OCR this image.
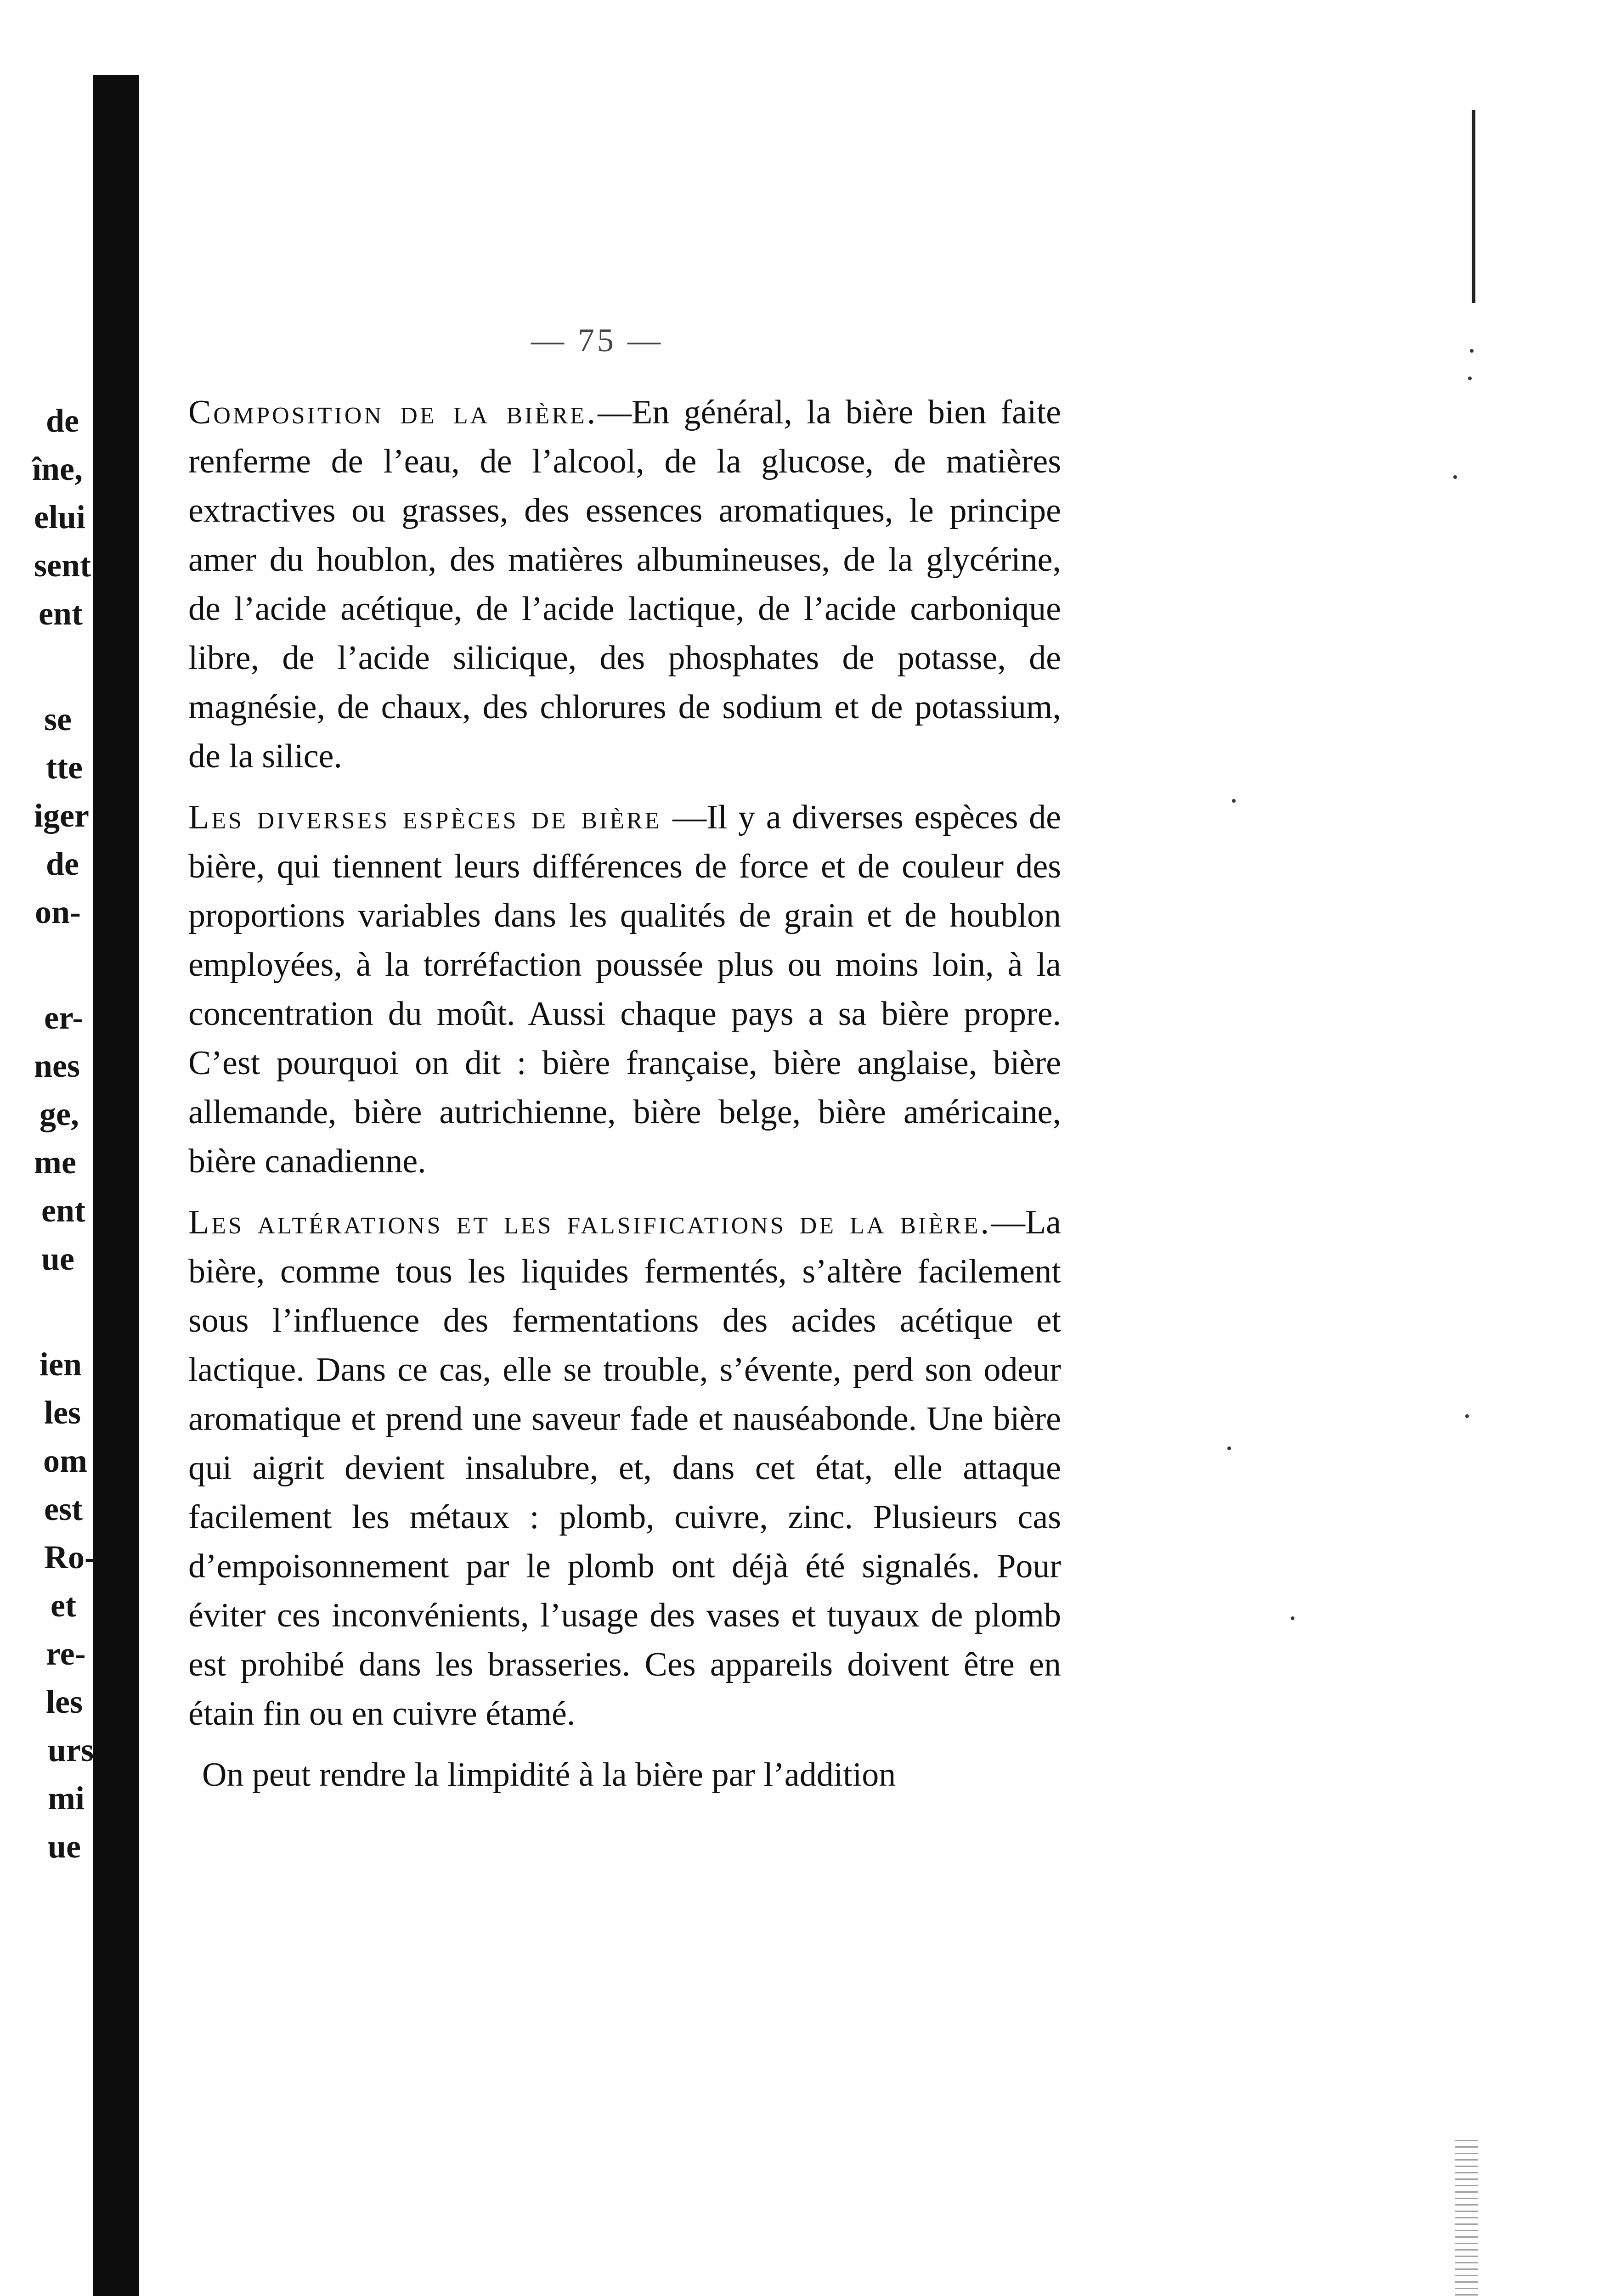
de
îne,
elui
sent
ent
se
tte
iger
de
on-
er-
nes
ge,
me
ent
ue
ien
les
om
est
Ro-
et
re-
les
urs
mi
ue
— 75 —

Composition de la bière.—En général, la bière bien faite renferme de l’eau, de l’alcool, de la glucose, de matières extractives ou grasses, des essences aromatiques, le principe amer du houblon, des matières albumineuses, de la glycérine, de l’acide acétique, de l’acide lactique, de l’acide carbonique libre, de l’acide silicique, des phosphates de potasse, de magnésie, de chaux, des chlorures de sodium et de potassium, de la silice.

Les diverses espèces de bière —Il y a diverses espèces de bière, qui tiennent leurs différences de force et de couleur des proportions variables dans les qualités de grain et de houblon employées, à la torréfaction poussée plus ou moins loin, à la concentration du moût. Aussi chaque pays a sa bière propre. C’est pourquoi on dit : bière française, bière anglaise, bière allemande, bière autrichienne, bière belge, bière américaine, bière canadienne.

Les altérations et les falsifications de la bière.—La bière, comme tous les liquides fermentés, s’altère facilement sous l’influence des fermentations des acides acétique et lactique. Dans ce cas, elle se trouble, s’évente, perd son odeur aromatique et prend une saveur fade et nauséabonde. Une bière qui aigrit devient insalubre, et, dans cet état, elle attaque facilement les métaux : plomb, cuivre, zinc. Plusieurs cas d’empoisonnement par le plomb ont déjà été signalés. Pour éviter ces inconvénients, l’usage des vases et tuyaux de plomb est prohibé dans les brasseries. Ces appareils doivent être en étain fin ou en cuivre étamé.

On peut rendre la limpidité à la bière par l’addition
